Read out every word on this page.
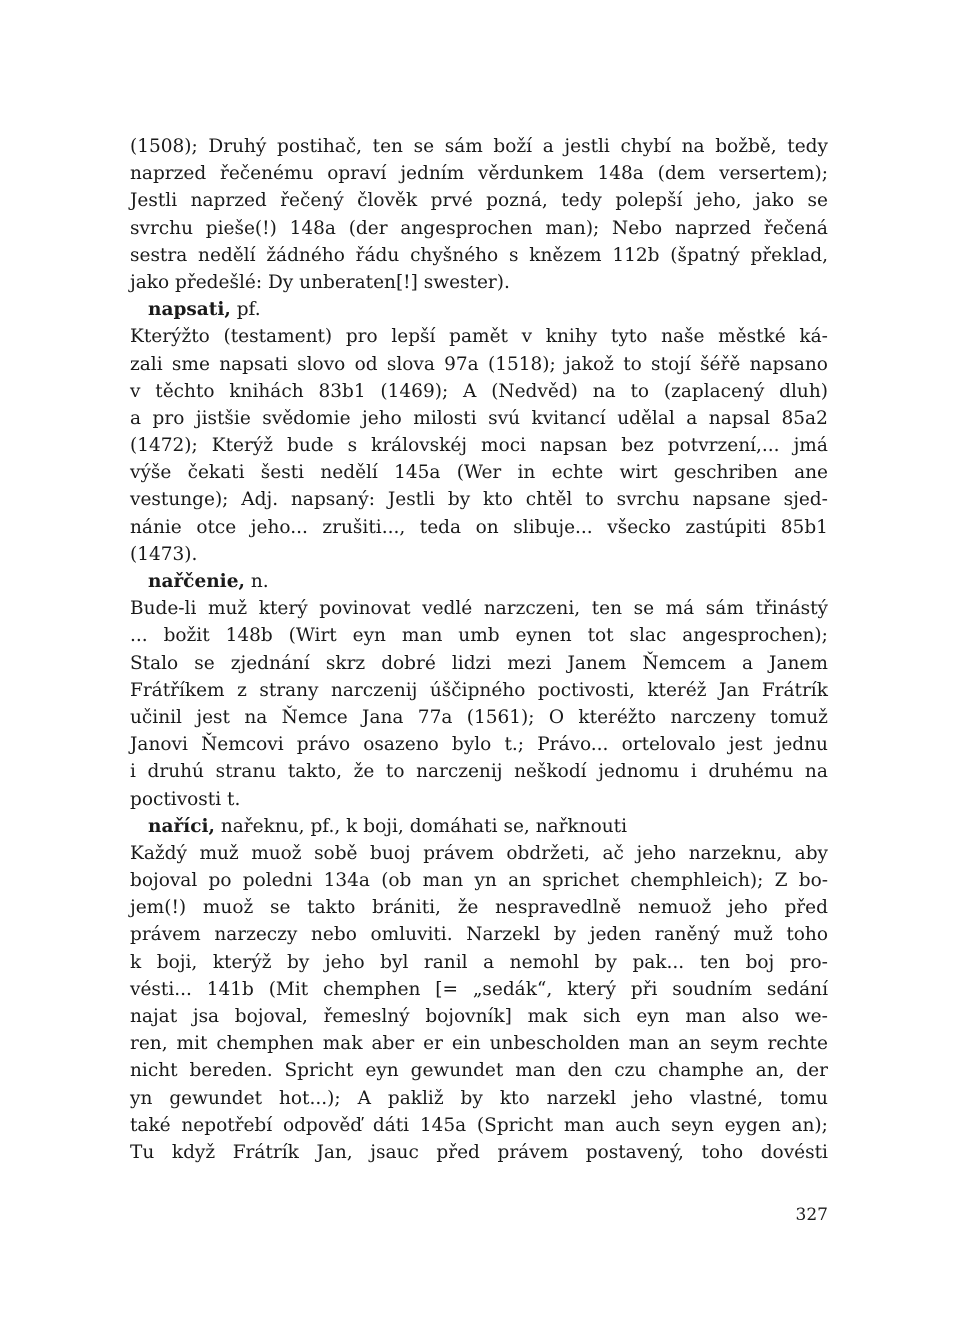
(1508); Druhý postihač, ten se sám boží a jestli chybí na božbě, tedy
naprzed řečenému opraví jedním věrdunkem 148a (dem versertem);
Jestli naprzed řečený člověk prvé pozná, tedy polepší jeho, jako se
svrchu pieše(!) 148a (der angesprochen man); Nebo naprzed řečená
sestra nedělí žádného řádu chyšného s knězem 112b (špatný překlad,
jako předešlé: Dy unberaten[!] swester).
napsati, pf.
Kterýžto (testament) pro lepší pamět v knihy tyto naše městké ká-
zali sme napsati slovo od slova 97a (1518); jakož to stojí šéřě napsano
v těchto knihách 83b1 (1469); A (Nedvěd) na to (zaplacený dluh)
a pro jistšie svědomie jeho milosti svú kvitancí udělal a napsal 85a2
(1472); Kterýž bude s královskéj moci napsan bez potvrzení,... jmá
výše čekati šesti nedělí 145a (Wer in echte wirt geschriben ane
vestunge); Adj. napsaný: Jestli by kto chtěl to svrchu napsane sjed-
nánie otce jeho... zrušiti..., teda on slibuje... všecko zastúpiti 85b1
(1473).
nařčenie, n.
Bude-li muž který povinovat vedlé narzczeni, ten se má sám třinástý
... božit 148b (Wirt eyn man umb eynen tot slac angesprochen);
Stalo se zjednání skrz dobré lidzi mezi Janem Ňemcem a Janem
Frátříkem z strany narczenij úščipného poctivosti, kteréž Jan Frátrík
učinil jest na Ňemce Jana 77a (1561); O kteréžto narczeny tomuž
Janovi Ňemcovi právo osazeno bylo t.; Právo... ortelovalo jest jednu
i druhú stranu takto, že to narczenij neškodí jednomu i druhému na
poctivosti t.
naříci, nařeknu, pf., k boji, domáhati se, nařknouti
Každý muž muož sobě buoj právem obdržeti, ač jeho narzeknu, aby
bojoval po poledni 134a (ob man yn an sprichet chemphleich); Z bo-
jem(!) muož se takto brániti, že nespravedlně nemuož jeho před
právem narzeczy nebo omluviti. Narzekl by jeden raněný muž toho
k boji, kterýž by jeho byl ranil a nemohl by pak... ten boj pro-
vésti... 141b (Mit chemphen [= „sedák“, který při soudním sedání
najat jsa bojoval, řemeslný bojovník] mak sich eyn man also we-
ren, mit chemphen mak aber er ein unbescholden man an seym rechte
nicht bereden. Spricht eyn gewundet man den czu champhe an, der
yn gewundet hot...); A pakliž by kto narzekl jeho vlastné, tomu
také nepotřebí odpověď dáti 145a (Spricht man auch seyn eygen an);
Tu když Frátrík Jan, jsauc před právem postavený, toho dovésti
327
